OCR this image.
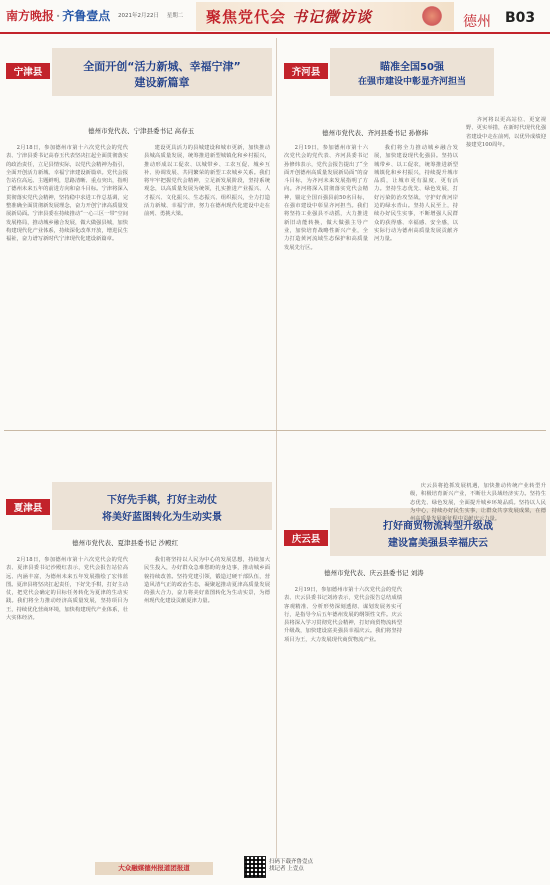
南方晚报 · 齐鲁壹点 2021年2月22日 星期二	聚焦党代会 书记微访谈	德州 B03
宁津县	全面开创“活力新城、幸福宁津”
建设新篇章
德州市党代表、宁津县委书记 高春玉
2月18日，参加德州市第十六次党代会的党代表、宁津县委书记高春玉代表坚决扛起全面贯彻落实的政治责任，立足县情实际，以党代会精神为指引，全面开创活力新城、幸福宁津建设新篇章。党代会报告站位高远、主题鲜明，思路清晰、重点突出，指明了德州未来五年的前进方向和奋斗目标。宁津将深入贯彻落实党代会精神，坚持稳中求进工作总基调，完整准确全面贯彻新发展理念，奋力开创宁津高质量发展新局面。宁津县委在持续推动“一心三区一带”空间发展格局，推动城乡融合发展，做大做强县城，加快构建现代化产业体系，持续深化改革开放，增进民生福祉，奋力谱写新时代宁津现代化建设新篇章。
建设更具活力的县城建设和城市更新，加快推动县城高质量发展，统筹推进新型城镇化和乡村振兴，推动形成以工促农、以城带乡、工农互促、城乡互补、协调发展、共同繁荣的新型工农城乡关系。我们将牢牢把握党代会精神，立足新发展阶段，坚持系统观念，以高质量发展为统领，扎实推进产业振兴、人才振兴、文化振兴、生态振兴、组织振兴，全力打造活力新城、幸福宁津，努力在德州现代化建设中走在前列、勇挑大梁。
齐河县	瞄准全国50强
在强市建设中彰显齐河担当
德州市党代表、齐河县委书记 孙修炜
2月19日，参加德州市第十六次党代会的党代表、齐河县委书记孙修炜表示，党代会报告提出了“全面开创德州高质量发展新局面”的奋斗目标，为齐河未来发展指明了方向。齐河将深入贯彻落实党代会精神，锚定全国百强县前50名目标，在强市建设中彰显齐河担当。我们将坚持工业强县不动摇，大力推进新旧动能转换，做大做强主导产业，加快培育战略性新兴产业，全力打造黄河流域生态保护和高质量发展先行区。
我们将全力推动城乡融合发展，加快建设现代化强县。坚持以城带乡、以工促农，统筹推进新型城镇化和乡村振兴，持续提升城市品质，让城市更有温度、更有活力。坚持生态优先、绿色发展，打好污染防治攻坚战，守护好黄河岸边的绿水青山。坚持人民至上，持续办好民生实事，不断增强人民群众的获得感、幸福感、安全感，以实际行动为德州高质量发展贡献齐河力量。
齐河将以更高站位、更宽视野、更实举措，在新时代现代化强省建设中走在前列，以优异成绩迎接建党100周年。
夏津县
下好先手棋，打好主动仗
将美好蓝图转化为生动实景
德州市党代表、夏津县委书记 沙殿红
2月18日，参加德州市第十六次党代会的党代表、夏津县委书记沙殿红表示，党代会报告站位高远、内涵丰富，为德州未来五年发展描绘了宏伟蓝图。夏津县将坚决扛起责任，下好先手棋，打好主动仗，把党代会确定的目标任务转化为夏津的生动实践。我们将全力推动经济高质量发展，坚持项目为王，持续优化营商环境，加快构建现代产业体系，壮大实体经济。
我们将坚持以人民为中心的发展思想，持续加大民生投入，办好群众急难愁盼的身边事，推动城乡面貌持续改善。坚持党建引领，锻造过硬干部队伍，营造风清气正的政治生态，凝聚起推动夏津高质量发展的强大合力，奋力将美好蓝图转化为生动实景，为德州现代化建设贡献夏津力量。
庆云县
打好商贸物流转型升级战
建设富美强县幸福庆云
德州市党代表、庆云县委书记 刘涛
2月19日，参加德州市第十六次党代会的党代表、庆云县委书记刘涛表示，党代会报告总结成绩客观精准、分析形势深刻透彻、谋划发展务实可行，是指导今后五年德州发展的纲领性文件。庆云县将深入学习贯彻党代会精神，打好商贸物流转型升级战，加快建设富美强县幸福庆云。我们将坚持项目为王，大力发展现代商贸物流产业。
庆云县将抢抓发展机遇，加快推动传统产业转型升级，积极培育新兴产业，不断壮大县域经济实力。坚持生态优先、绿色发展，全面提升城乡环境品质。坚持以人民为中心，持续办好民生实事，让群众共享发展成果，在德州高质量发展新征程中贡献庆云力量。
大众融媒德州报道团报道
扫码下载齐鲁壹点
找记者 上壹点
